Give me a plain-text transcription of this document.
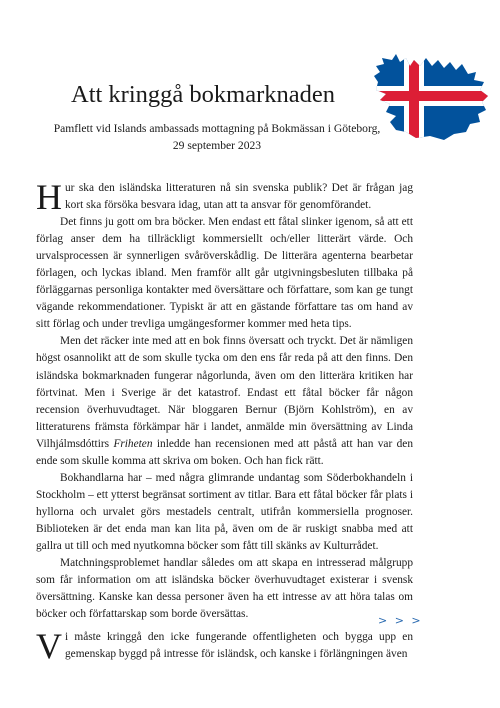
Att kringgå bokmarknaden
Pamflett vid Islands ambassads mottagning på Bokmässan i Göteborg,
29 september 2023

Hur ska den isländska litteraturen nå sin svenska publik? Det är frågan jag kort ska försöka besvara idag, utan att ta ansvar för genomförandet.

Det finns ju gott om bra böcker. Men endast ett fåtal slinker igenom, så att ett förlag anser dem ha tillräckligt kommersiellt och/eller litterärt värde. Och urvalsprocessen är synnerligen svåröverskådlig. De litterära agenterna bearbetar förlagen, och lyckas ibland. Men framför allt går utgivningsbesluten tillbaka på förläggarnas personliga kontakter med översättare och författare, som kan ge tungt vägande rekommendationer. Typiskt är att en gästande författare tas om hand av sitt förlag och under trevliga umgängesformer kommer med heta tips.

Men det räcker inte med att en bok finns översatt och tryckt. Det är nämligen högst osannolikt att de som skulle tycka om den ens får reda på att den finns. Den isländska bokmarknaden fungerar någorlunda, även om den litterära kritiken har förtvinat. Men i Sverige är det katastrof. Endast ett fåtal böcker får någon recension överhuvudtaget. När bloggaren Bernur (Björn Kohlström), en av litteraturens främsta förkämpar här i landet, anmälde min översättning av Linda Vilhjálmsdóttirs Friheten inledde han recensionen med att påstå att han var den ende som skulle komma att skriva om boken. Och han fick rätt.

Bokhandlarna har – med några glimrande undantag som Söderbokhandeln i Stockholm – ett ytterst begränsat sortiment av titlar. Bara ett fåtal böcker får plats i hyllorna och urvalet görs mestadels centralt, utifrån kommersiella prognoser. Biblioteken är det enda man kan lita på, även om de är ruskigt snabba med att gallra ut till och med nyutkomna böcker som fått till skänks av Kulturrådet.

Matchningsproblemet handlar således om att skapa en intresserad målgrupp som får information om att isländska böcker överhuvudtaget existerar i svensk översättning. Kanske kan dessa personer även ha ett intresse av att höra talas om böcker och författarskap som borde översättas.	> > >

Vi måste kringgå den icke fungerande offentligheten och bygga upp en gemenskap byggd på intresse för isländsk, och kanske i förlängningen även
